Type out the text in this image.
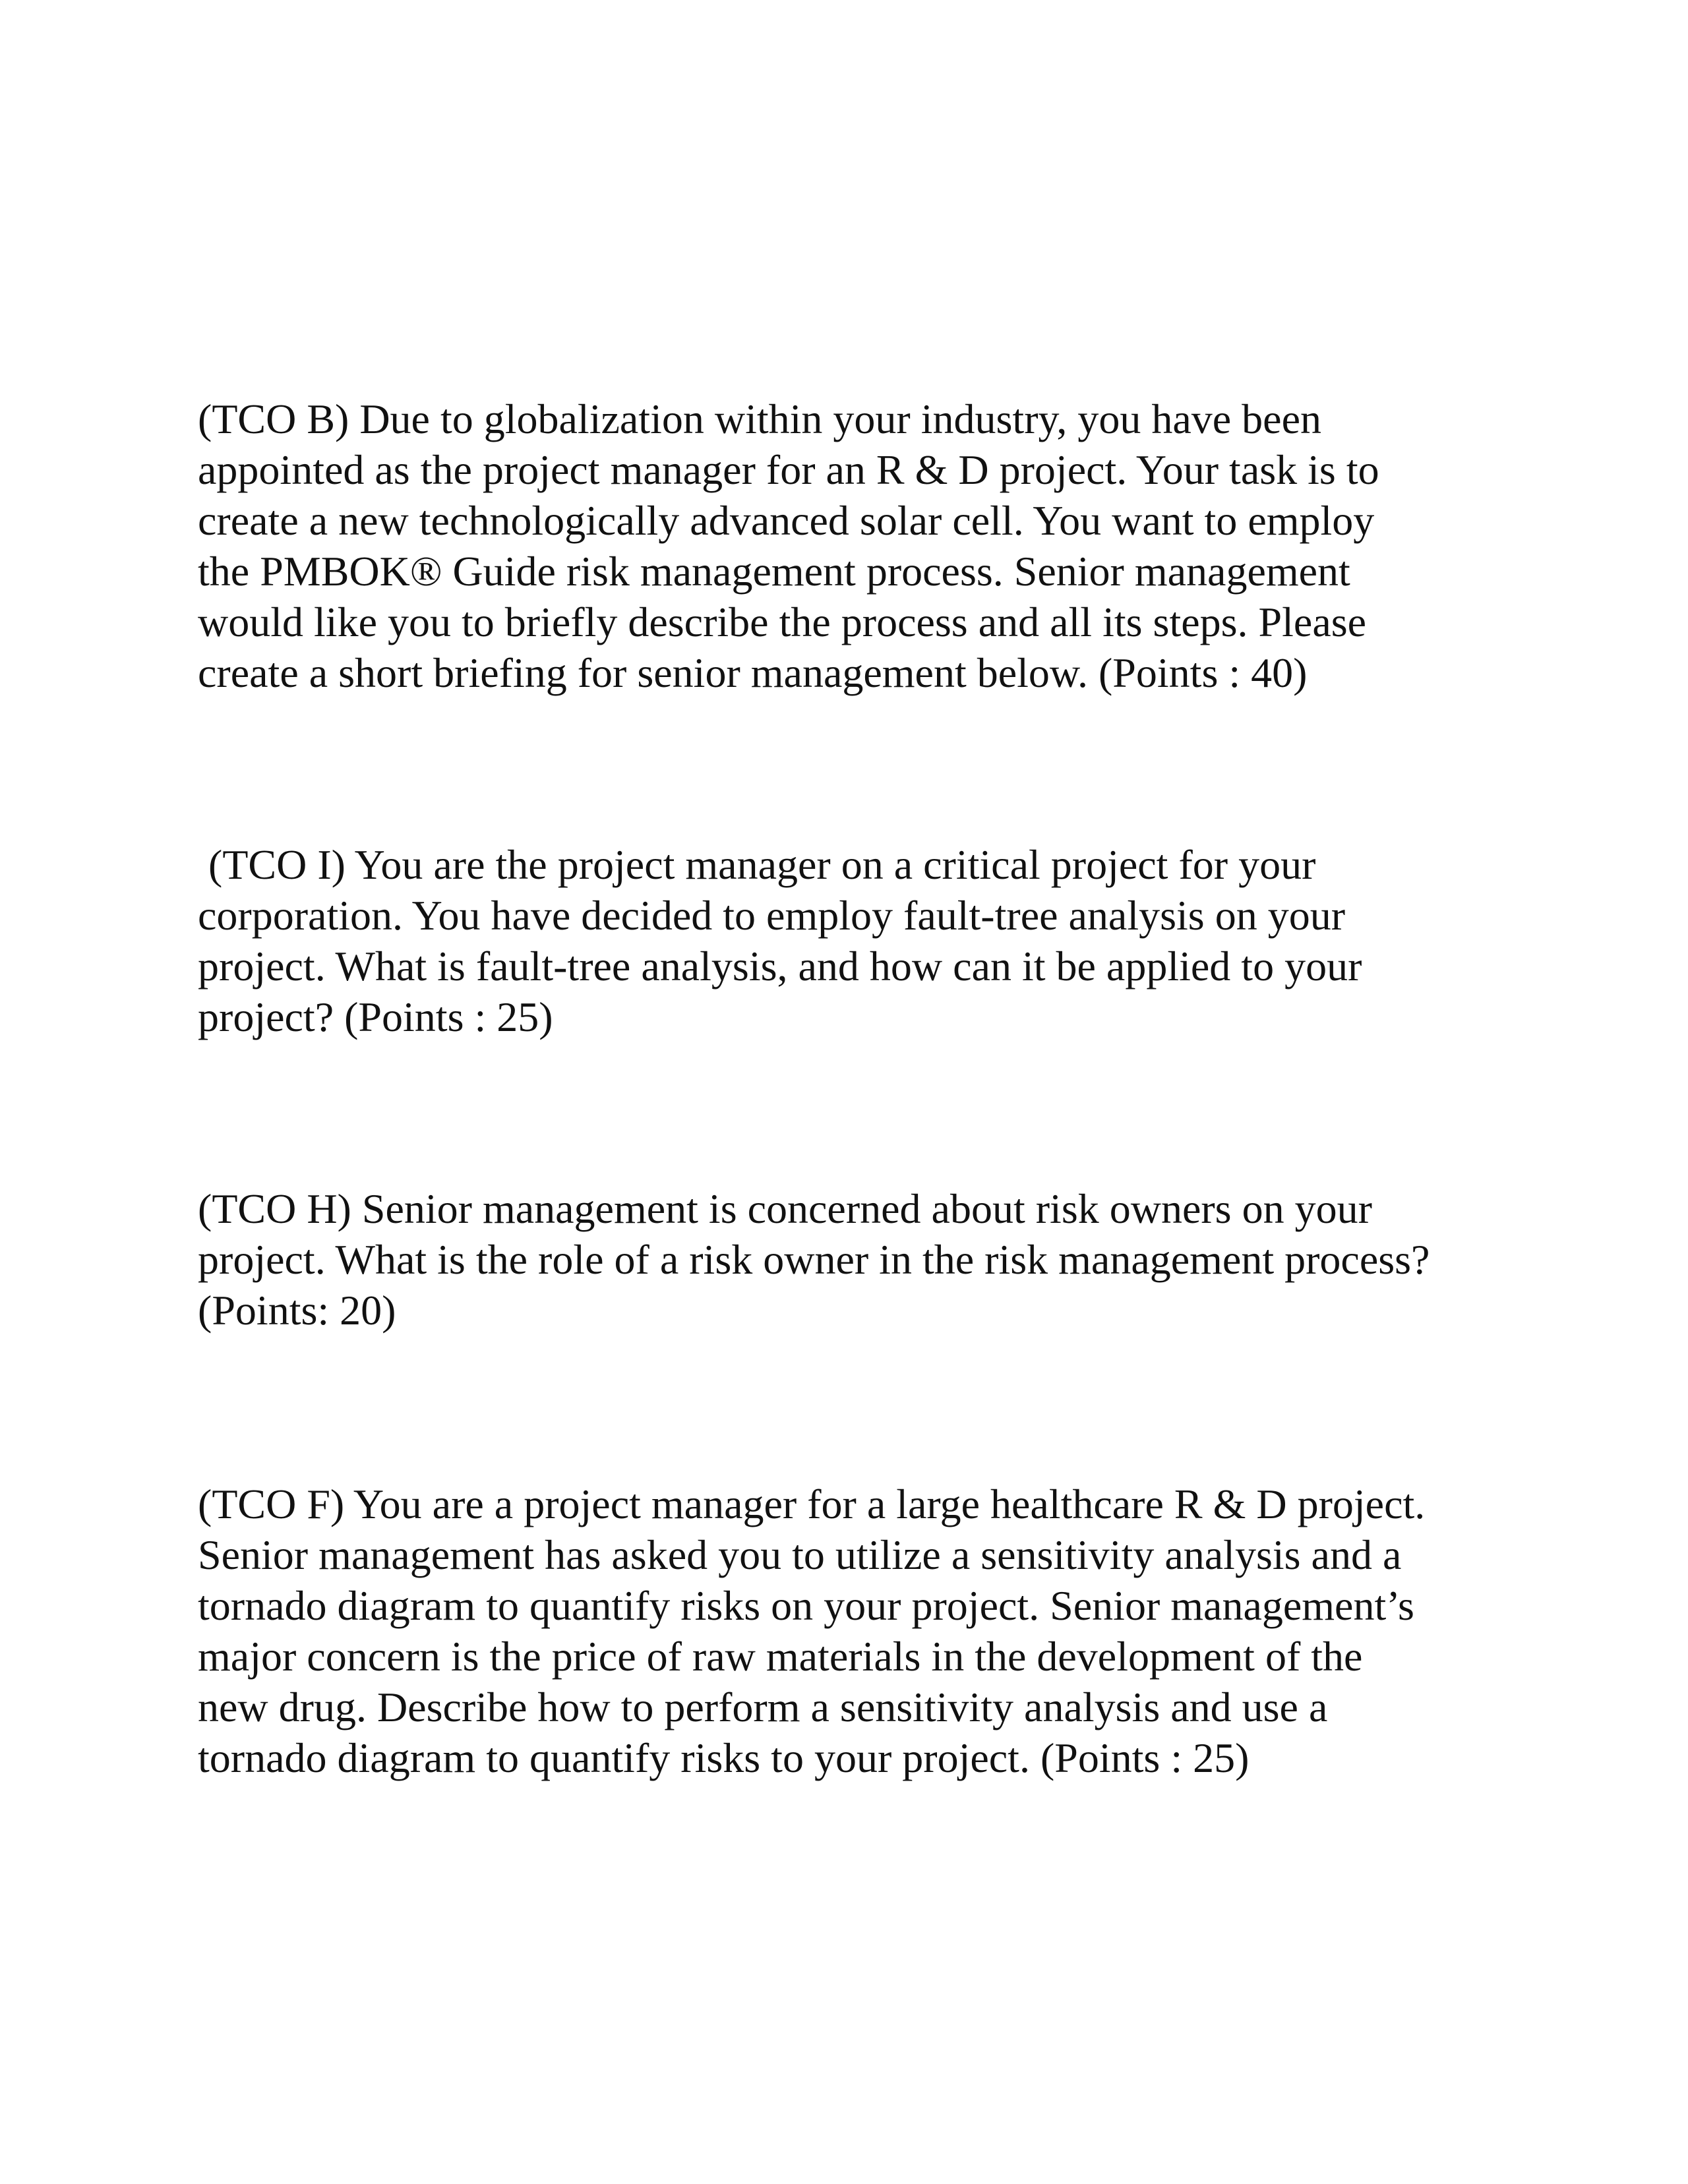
(TCO B) Due to globalization within your industry, you have been
appointed as the project manager for an R & D project. Your task is to
create a new technologically advanced solar cell. You want to employ
the PMBOK® Guide risk management process. Senior management
would like you to briefly describe the process and all its steps. Please
create a short briefing for senior management below. (Points : 40)

(TCO I) You are the project manager on a critical project for your
corporation. You have decided to employ fault-tree analysis on your
project. What is fault-tree analysis, and how can it be applied to your
project? (Points : 25)

(TCO H) Senior management is concerned about risk owners on your
project. What is the role of a risk owner in the risk management process?
(Points: 20)

(TCO F) You are a project manager for a large healthcare R & D project.
Senior management has asked you to utilize a sensitivity analysis and a
tornado diagram to quantify risks on your project. Senior management’s
major concern is the price of raw materials in the development of the
new drug. Describe how to perform a sensitivity analysis and use a
tornado diagram to quantify risks to your project. (Points : 25)
